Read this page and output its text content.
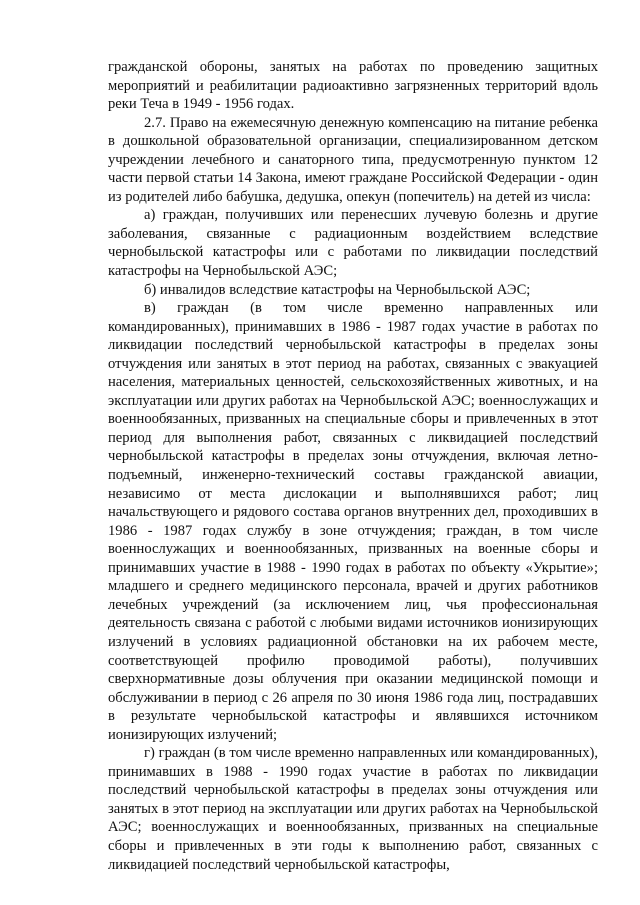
гражданской обороны, занятых на работах по проведению защитных мероприятий и реабилитации радиоактивно загрязненных территорий вдоль реки Теча в 1949 - 1956 годах.

2.7. Право на ежемесячную денежную компенсацию на питание ребенка в дошкольной образовательной организации, специализированном детском учреждении лечебного и санаторного типа, предусмотренную пунктом 12 части первой статьи 14 Закона, имеют граждане Российской Федерации - один из родителей либо бабушка, дедушка, опекун (попечитель) на детей из числа:

а) граждан, получивших или перенесших лучевую болезнь и другие заболевания, связанные с радиационным воздействием вследствие чернобыльской катастрофы или с работами по ликвидации последствий катастрофы на Чернобыльской АЭС;

б) инвалидов вследствие катастрофы на Чернобыльской АЭС;

в) граждан (в том числе временно направленных или командированных), принимавших в 1986 - 1987 годах участие в работах по ликвидации последствий чернобыльской катастрофы в пределах зоны отчуждения или занятых в этот период на работах, связанных с эвакуацией населения, материальных ценностей, сельскохозяйственных животных, и на эксплуатации или других работах на Чернобыльской АЭС; военнослужащих и военнообязанных, призванных на специальные сборы и привлеченных в этот период для выполнения работ, связанных с ликвидацией последствий чернобыльской катастрофы в пределах зоны отчуждения, включая летно-подъемный, инженерно-технический составы гражданской авиации, независимо от места дислокации и выполнявшихся работ; лиц начальствующего и рядового состава органов внутренних дел, проходивших в 1986 - 1987 годах службу в зоне отчуждения; граждан, в том числе военнослужащих и военнообязанных, призванных на военные сборы и принимавших участие в 1988 - 1990 годах в работах по объекту «Укрытие»; младшего и среднего медицинского персонала, врачей и других работников лечебных учреждений (за исключением лиц, чья профессиональная деятельность связана с работой с любыми видами источников ионизирующих излучений в условиях радиационной обстановки на их рабочем месте, соответствующей профилю проводимой работы), получивших сверхнормативные дозы облучения при оказании медицинской помощи и обслуживании в период с 26 апреля по 30 июня 1986 года лиц, пострадавших в результате чернобыльской катастрофы и являвшихся источником ионизирующих излучений;

г) граждан (в том числе временно направленных или командированных), принимавших в 1988 - 1990 годах участие в работах по ликвидации последствий чернобыльской катастрофы в пределах зоны отчуждения или занятых в этот период на эксплуатации или других работах на Чернобыльской АЭС; военнослужащих и военнообязанных, призванных на специальные сборы и привлеченных в эти годы к выполнению работ, связанных с ликвидацией последствий чернобыльской катастрофы,
